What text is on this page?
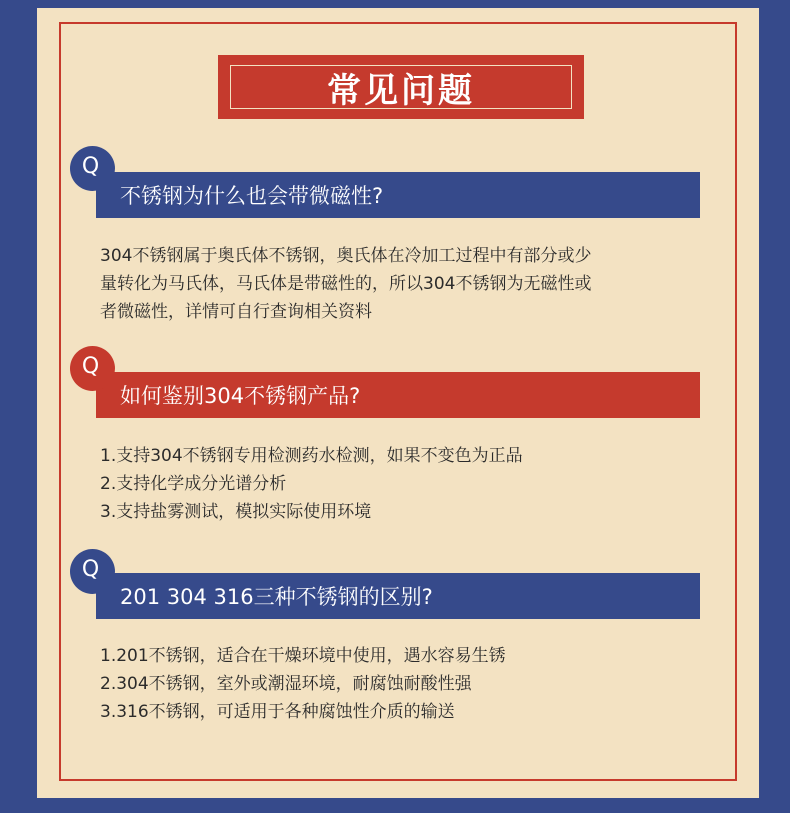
常见问题
不锈钢为什么也会带微磁性?
Q
304不锈钢属于奥氏体不锈钢，奥氏体在冷加工过程中有部分或少
量转化为马氏体，马氏体是带磁性的，所以304不锈钢为无磁性或
者微磁性，详情可自行查询相关资料
如何鉴别304不锈钢产品?
Q
1.支持304不锈钢专用检测药水检测，如果不变色为正品
2.支持化学成分光谱分析
3.支持盐雾测试，模拟实际使用环境
201 304 316三种不锈钢的区别?
Q
1.201不锈钢，适合在干燥环境中使用，遇水容易生锈
2.304不锈钢，室外或潮湿环境，耐腐蚀耐酸性强
3.316不锈钢，可适用于各种腐蚀性介质的输送
